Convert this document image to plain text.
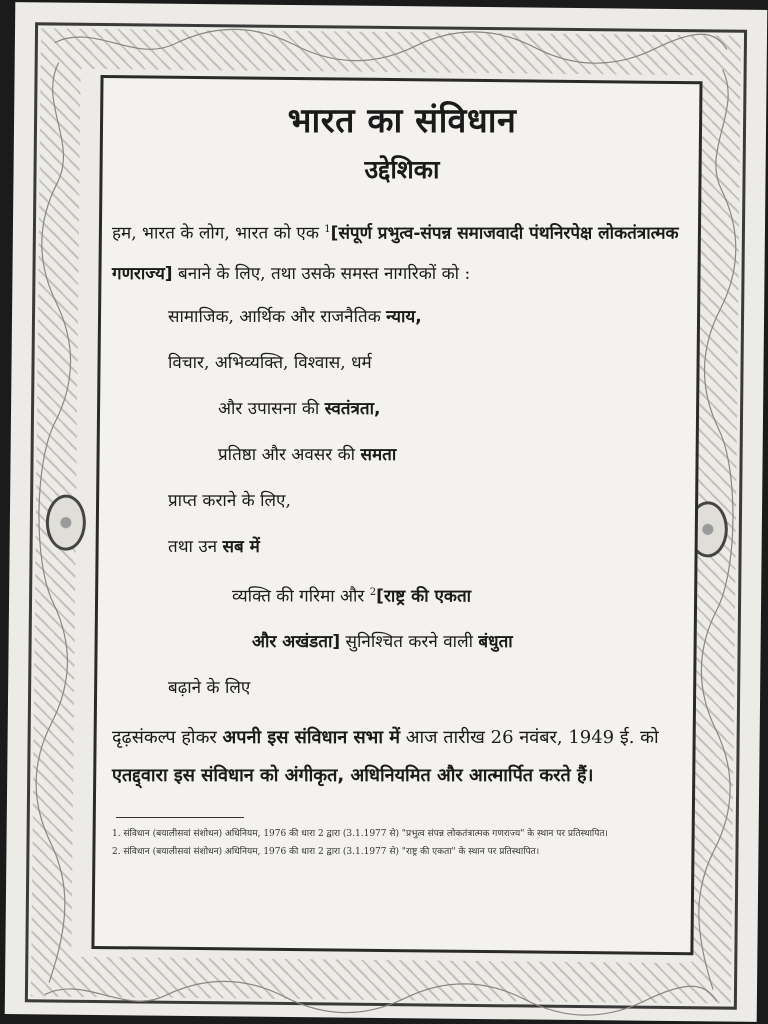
भारत का संविधान
उद्देशिका

हम, भारत के लोग, भारत को एक $^1$[संपूर्ण प्रभुत्व-संपन्न समाजवादी पंथनिरपेक्ष लोकतंत्रात्मक गणराज्य] बनाने के लिए, तथा उसके समस्त नागरिकों को :

सामाजिक, आर्थिक और राजनैतिक न्याय,

विचार, अभिव्यक्ति, विश्वास, धर्म

और उपासना की स्वतंत्रता,

प्रतिष्ठा और अवसर की समता

प्राप्त कराने के लिए,

तथा उन सब में

व्यक्ति की गरिमा और $^2$[राष्ट्र की एकता

और अखंडता] सुनिश्चित करने वाली बंधुता

बढ़ाने के लिए

दृढ़संकल्प होकर अपनी इस संविधान सभा में आज तारीख 26 नवंबर, 1949 ई. को एतद्द्वारा इस संविधान को अंगीकृत, अधिनियमित और आत्मार्पित करते हैं।

1. संविधान (बयालीसवां संशोधन) अधिनियम, 1976 की धारा 2 द्वारा (3.1.1977 से) "प्रभुत्व संपन्न लोकतंत्रात्मक गणराज्य" के स्थान पर प्रतिस्थापित।

2. संविधान (बयालीसवां संशोधन) अधिनियम, 1976 की धारा 2 द्वारा (3.1.1977 से) "राष्ट्र की एकता" के स्थान पर प्रतिस्थापित।
